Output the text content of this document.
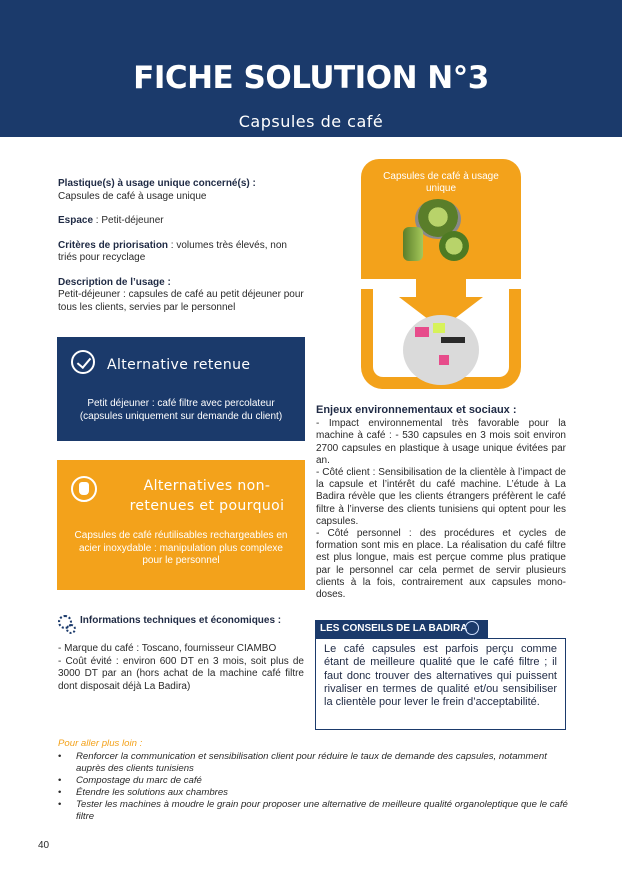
FICHE SOLUTION N°3
Capsules de café

Plastique(s) à usage unique concerné(s) :
Capsules de café à usage unique

Espace : Petit-déjeuner

Critères de priorisation : volumes très élevés, non triés pour recyclage

Description de l’usage :
Petit-déjeuner : capsules de café au petit déjeuner pour tous les clients, servies par le personnel

Alternative retenue
Petit déjeuner : café filtre avec percolateur (capsules uniquement sur demande du client)
Alternatives non-retenues et pourquoi
Capsules de café réutilisables rechargeables en acier inoxydable : manipulation plus complexe pour le personnel
Informations techniques et économiques :
- Marque du café : Toscano, fournisseur CIAMBO
- Coût évité : environ 600 DT en 3 mois, soit plus de 3000 DT par an (hors achat de la machine café filtre dont disposait déjà La Badira)
Capsules de café à usage unique
Enjeux environnementaux et sociaux :
- Impact environnemental très favorable pour la machine à café : - 530 capsules en 3 mois soit environ 2700 capsules en plastique à usage unique évitées par an.
- Côté client : Sensibilisation de la clientèle à l’impact de la capsule et l’intérêt du café machine. L’étude à La Badira révèle que les clients étrangers préfèrent le café filtre à l’inverse des clients tunisiens qui optent pour les capsules.
- Côté personnel : des procédures et cycles de formation sont mis en place. La réalisation du café filtre est plus longue, mais est perçue comme plus pratique par le personnel car cela permet de servir plusieurs clients à la fois, contrairement aux capsules mono-doses.
LES CONSEILS DE LA BADIRA
Le café capsules est parfois perçu comme étant de meilleure qualité que le café filtre ; il faut donc trouver des alternatives qui puissent rivaliser en termes de qualité et/ou sensibiliser la clientèle pour lever le frein d’acceptabilité.
Pour aller plus loin :
• Renforcer la communication et sensibilisation client pour réduire le taux de demande des capsules, notamment auprès des clients tunisiens
• Compostage du marc de café
• Étendre les solutions aux chambres
• Tester les machines à moudre le grain pour proposer une alternative de meilleure qualité organoleptique que le café filtre
40
